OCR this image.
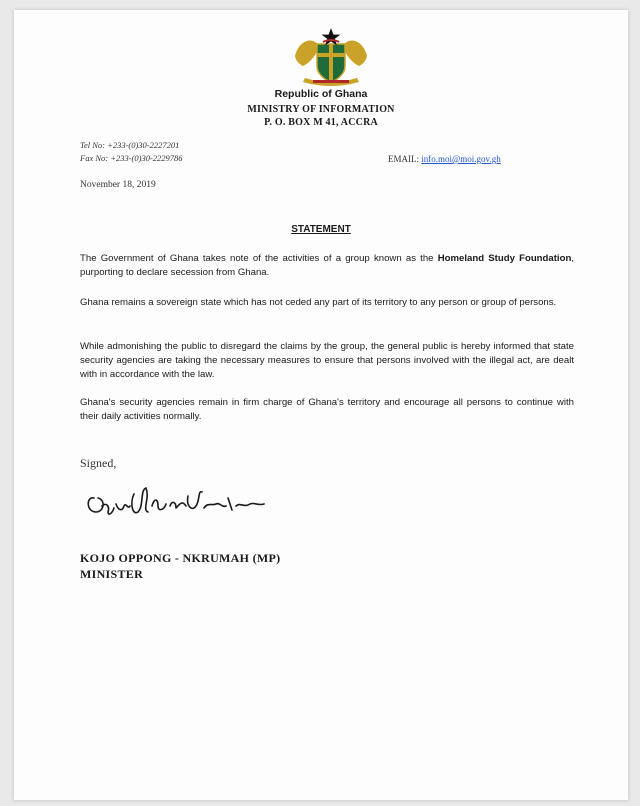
Republic of Ghana
MINISTRY OF INFORMATION
P. O. BOX M 41, ACCRA
Tel No: +233-(0)30-2227201
Fax No: +233-(0)30-2229786	EMAIL: info.moi@moi.gov.gh
November 18, 2019
STATEMENT
The Government of Ghana takes note of the activities of a group known as the Homeland Study Foundation, purporting to declare secession from Ghana.
Ghana remains a sovereign state which has not ceded any part of its territory to any person or group of persons.
While admonishing the public to disregard the claims by the group, the general public is hereby informed that state security agencies are taking the necessary measures to ensure that persons involved with the illegal act, are dealt with in accordance with the law.
Ghana's security agencies remain in firm charge of Ghana's territory and encourage all persons to continue with their daily activities normally.
Signed,
KOJO OPPONG - NKRUMAH (MP)
MINISTER
